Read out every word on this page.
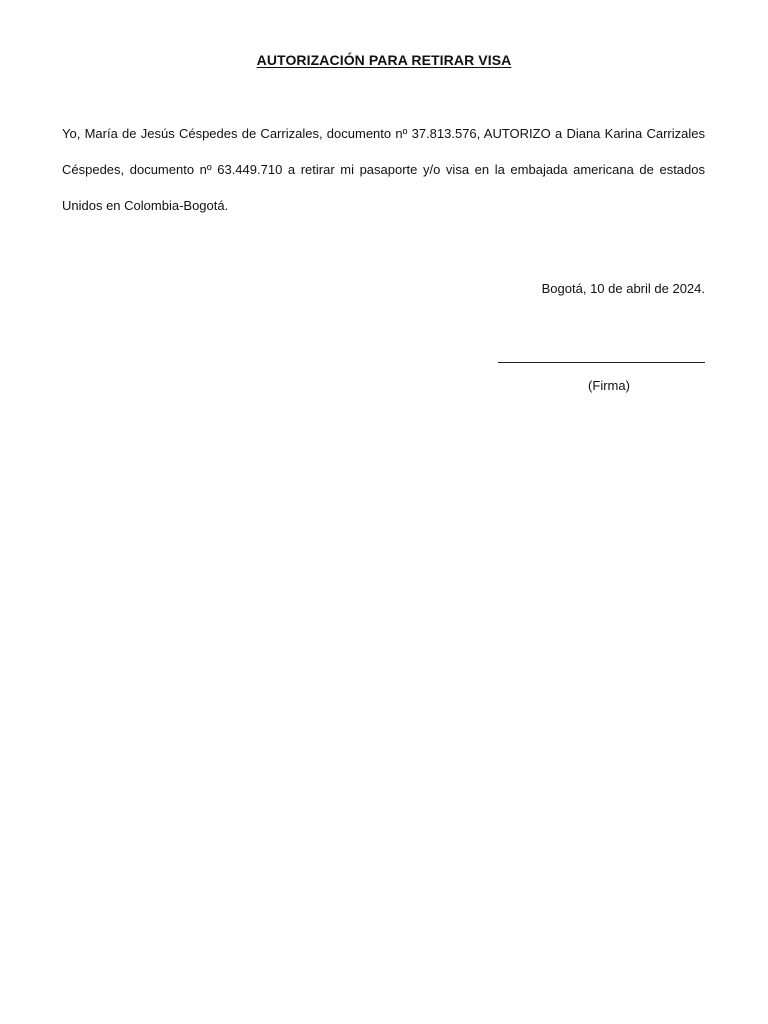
AUTORIZACIÓN PARA RETIRAR VISA
Yo, María de Jesús Céspedes de Carrizales, documento nº 37.813.576, AUTORIZO a Diana Karina Carrizales Céspedes, documento nº 63.449.710 a retirar mi pasaporte y/o visa en la embajada americana de estados Unidos en Colombia-Bogotá.
Bogotá, 10 de abril de 2024.
(Firma)
